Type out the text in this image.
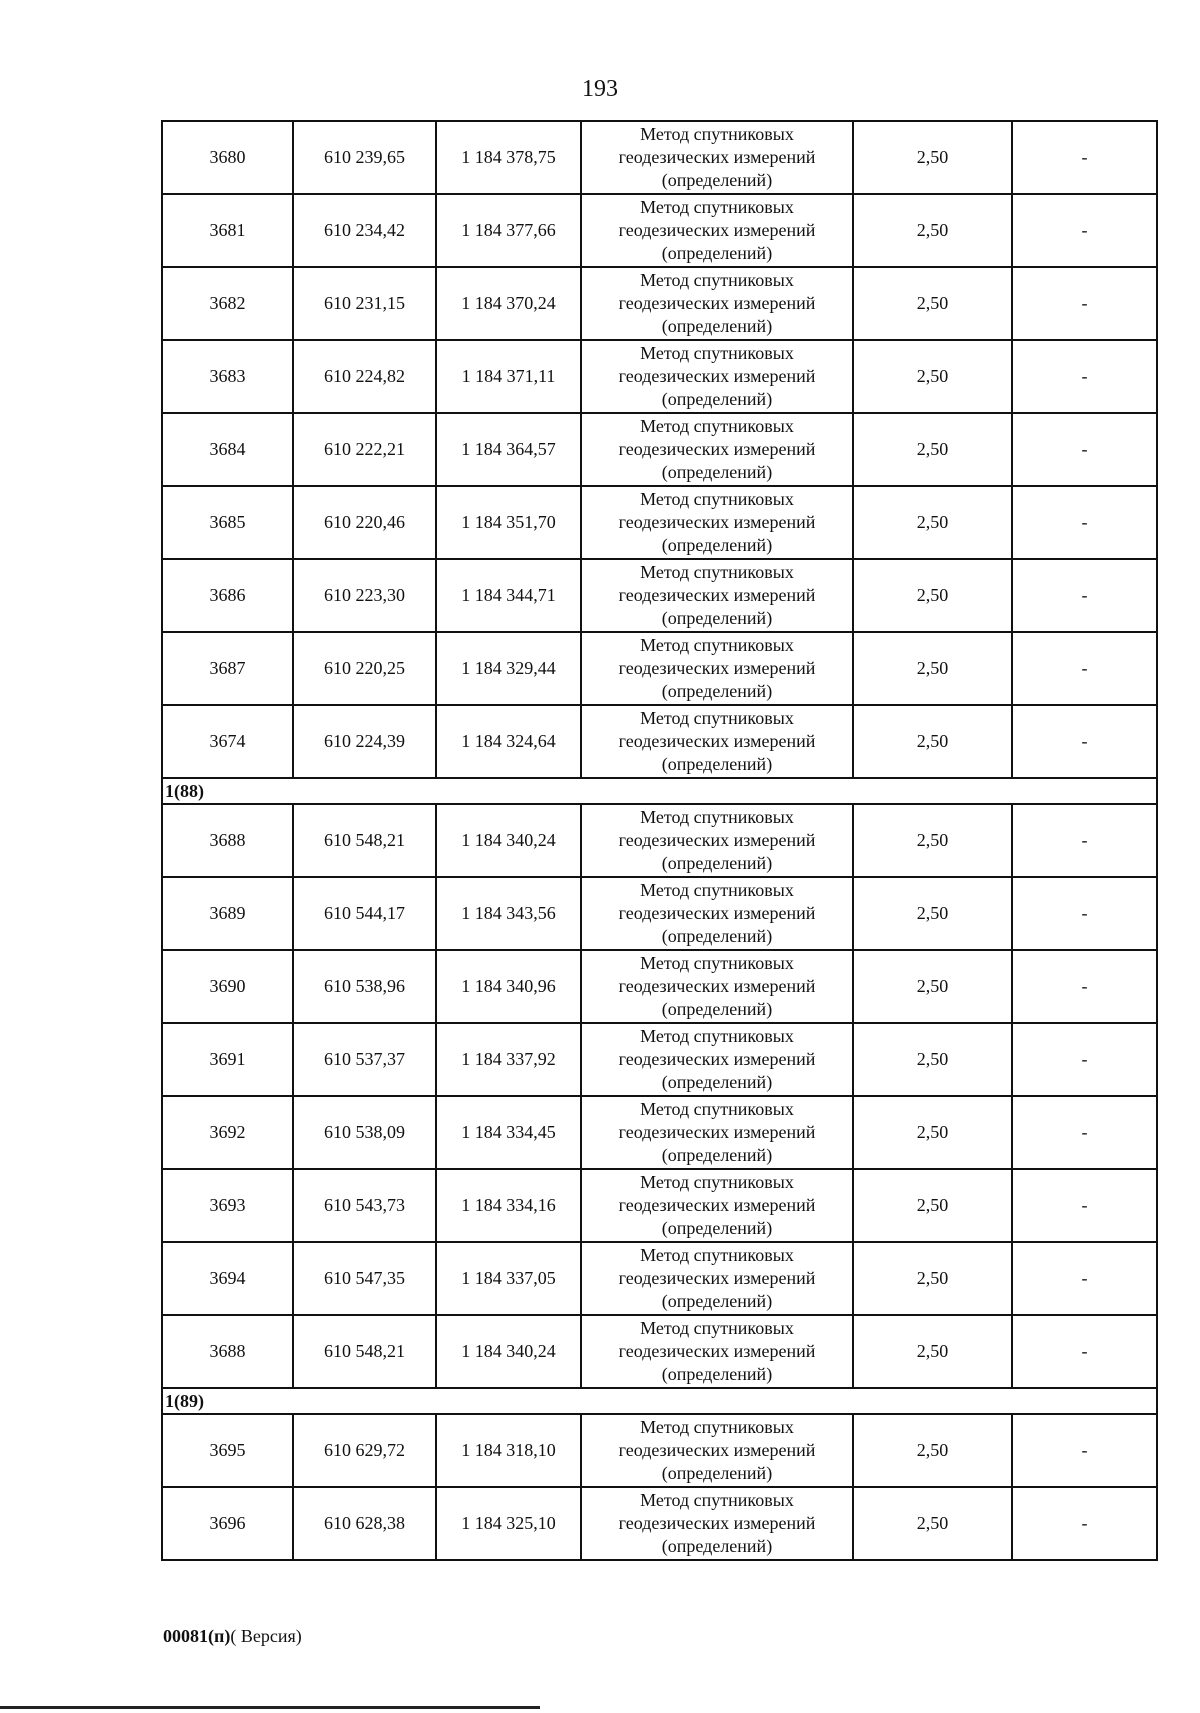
193
3680	610 239,65	1 184 378,75	Метод спутниковых
геодезических измерений
(определений)	2,50	-
3681	610 234,42	1 184 377,66	Метод спутниковых
геодезических измерений
(определений)	2,50	-
3682	610 231,15	1 184 370,24	Метод спутниковых
геодезических измерений
(определений)	2,50	-
3683	610 224,82	1 184 371,11	Метод спутниковых
геодезических измерений
(определений)	2,50	-
3684	610 222,21	1 184 364,57	Метод спутниковых
геодезических измерений
(определений)	2,50	-
3685	610 220,46	1 184 351,70	Метод спутниковых
геодезических измерений
(определений)	2,50	-
3686	610 223,30	1 184 344,71	Метод спутниковых
геодезических измерений
(определений)	2,50	-
3687	610 220,25	1 184 329,44	Метод спутниковых
геодезических измерений
(определений)	2,50	-
3674	610 224,39	1 184 324,64	Метод спутниковых
геодезических измерений
(определений)	2,50	-
1(88)					
3688	610 548,21	1 184 340,24	Метод спутниковых
геодезических измерений
(определений)	2,50	-
3689	610 544,17	1 184 343,56	Метод спутниковых
геодезических измерений
(определений)	2,50	-
3690	610 538,96	1 184 340,96	Метод спутниковых
геодезических измерений
(определений)	2,50	-
3691	610 537,37	1 184 337,92	Метод спутниковых
геодезических измерений
(определений)	2,50	-
3692	610 538,09	1 184 334,45	Метод спутниковых
геодезических измерений
(определений)	2,50	-
3693	610 543,73	1 184 334,16	Метод спутниковых
геодезических измерений
(определений)	2,50	-
3694	610 547,35	1 184 337,05	Метод спутниковых
геодезических измерений
(определений)	2,50	-
3688	610 548,21	1 184 340,24	Метод спутниковых
геодезических измерений
(определений)	2,50	-
1(89)					
3695	610 629,72	1 184 318,10	Метод спутниковых
геодезических измерений
(определений)	2,50	-
3696	610 628,38	1 184 325,10	Метод спутниковых
геодезических измерений
(определений)	2,50	-
00081(п)( Версия)
